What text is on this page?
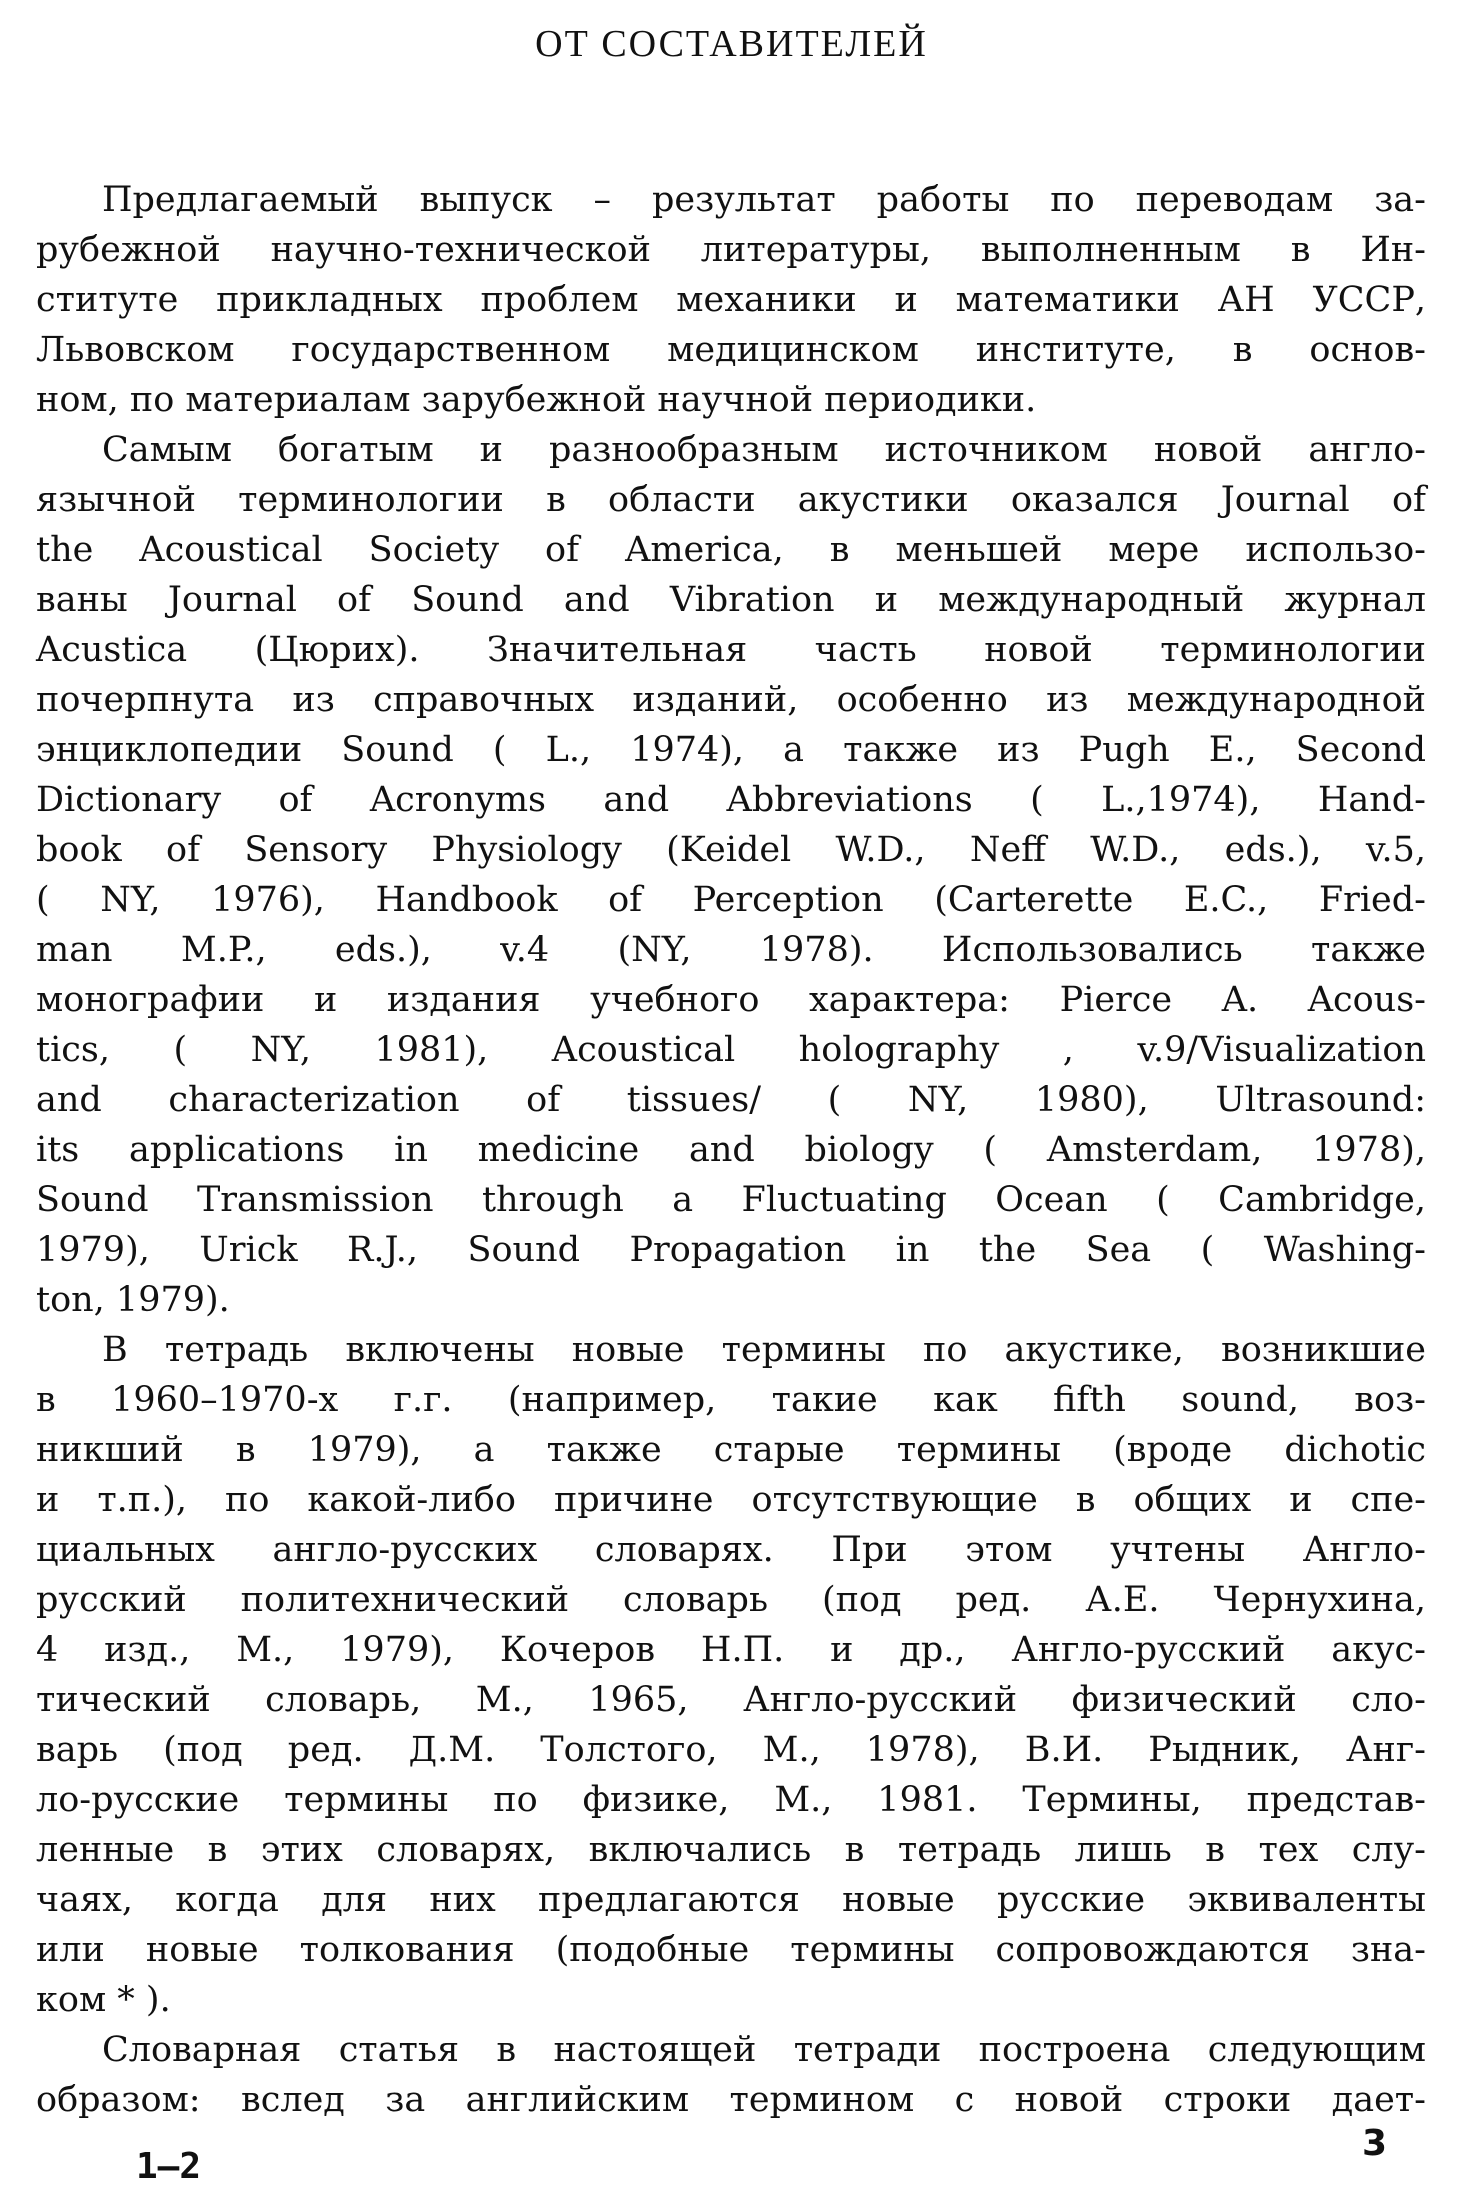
ОТ СОСТАВИТЕЛЕЙ
Предлагаемый выпуск – результат работы по переводам за-
рубежной научно-технической литературы, выполненным в Ин-
ституте прикладных проблем механики и математики АН УССР,
Львовском государственном медицинском институте, в основ-
ном, по материалам зарубежной научной периодики.
Самым богатым и разнообразным источником новой англо-
язычной терминологии в области акустики оказался Journal of
the Acoustical Society of America, в меньшей мере использо-
ваны Journal of Sound and Vibration и международный журнал
Acustica (Цюрих). Значительная часть новой терминологии
почерпнута из справочных изданий, особенно из международной
энциклопедии Sound ( L., 1974), а также из Pugh E., Second
Dictionary of Acronyms and Abbreviations ( L.,1974), Hand-
book of Sensory Physiology (Keidel W.D., Neff W.D., eds.), v.5,
( NY, 1976), Handbook of Perception (Carterette E.C., Fried-
man M.P., eds.), v.4 (NY, 1978). Использовались также
монографии и издания учебного характера: Pierce A. Acous-
tics, ( NY, 1981), Acoustical holography , v.9/Visualization
and characterization of tissues/ ( NY, 1980), Ultrasound:
its applications in medicine and biology ( Amsterdam, 1978),
Sound Transmission through a Fluctuating Ocean ( Cambridge,
1979), Urick R.J., Sound Propagation in the Sea ( Washing-
ton, 1979).
В тетрадь включены новые термины по акустике, возникшие
в 1960–1970-х г.г. (например, такие как fifth sound, воз-
никший в 1979), а также старые термины (вроде dichotic
и т.п.), по какой-либо причине отсутствующие в общих и спе-
циальных англо-русских словарях. При этом учтены Англо-
русский политехнический словарь (под ред. А.Е. Чернухина,
4 изд., М., 1979), Кочеров Н.П. и др., Англо-русский акус-
тический словарь, М., 1965, Англо-русский физический сло-
варь (под ред. Д.М. Толстого, М., 1978), В.И. Рыдник, Анг-
ло-русские термины по физике, М., 1981. Термины, представ-
ленные в этих словарях, включались в тетрадь лишь в тех слу-
чаях, когда для них предлагаются новые русские эквиваленты
или новые толкования (подобные термины сопровождаются зна-
ком * ).
Словарная статья в настоящей тетради построена следующим
образом: вслед за английским термином с новой строки дает-
1–2
3
